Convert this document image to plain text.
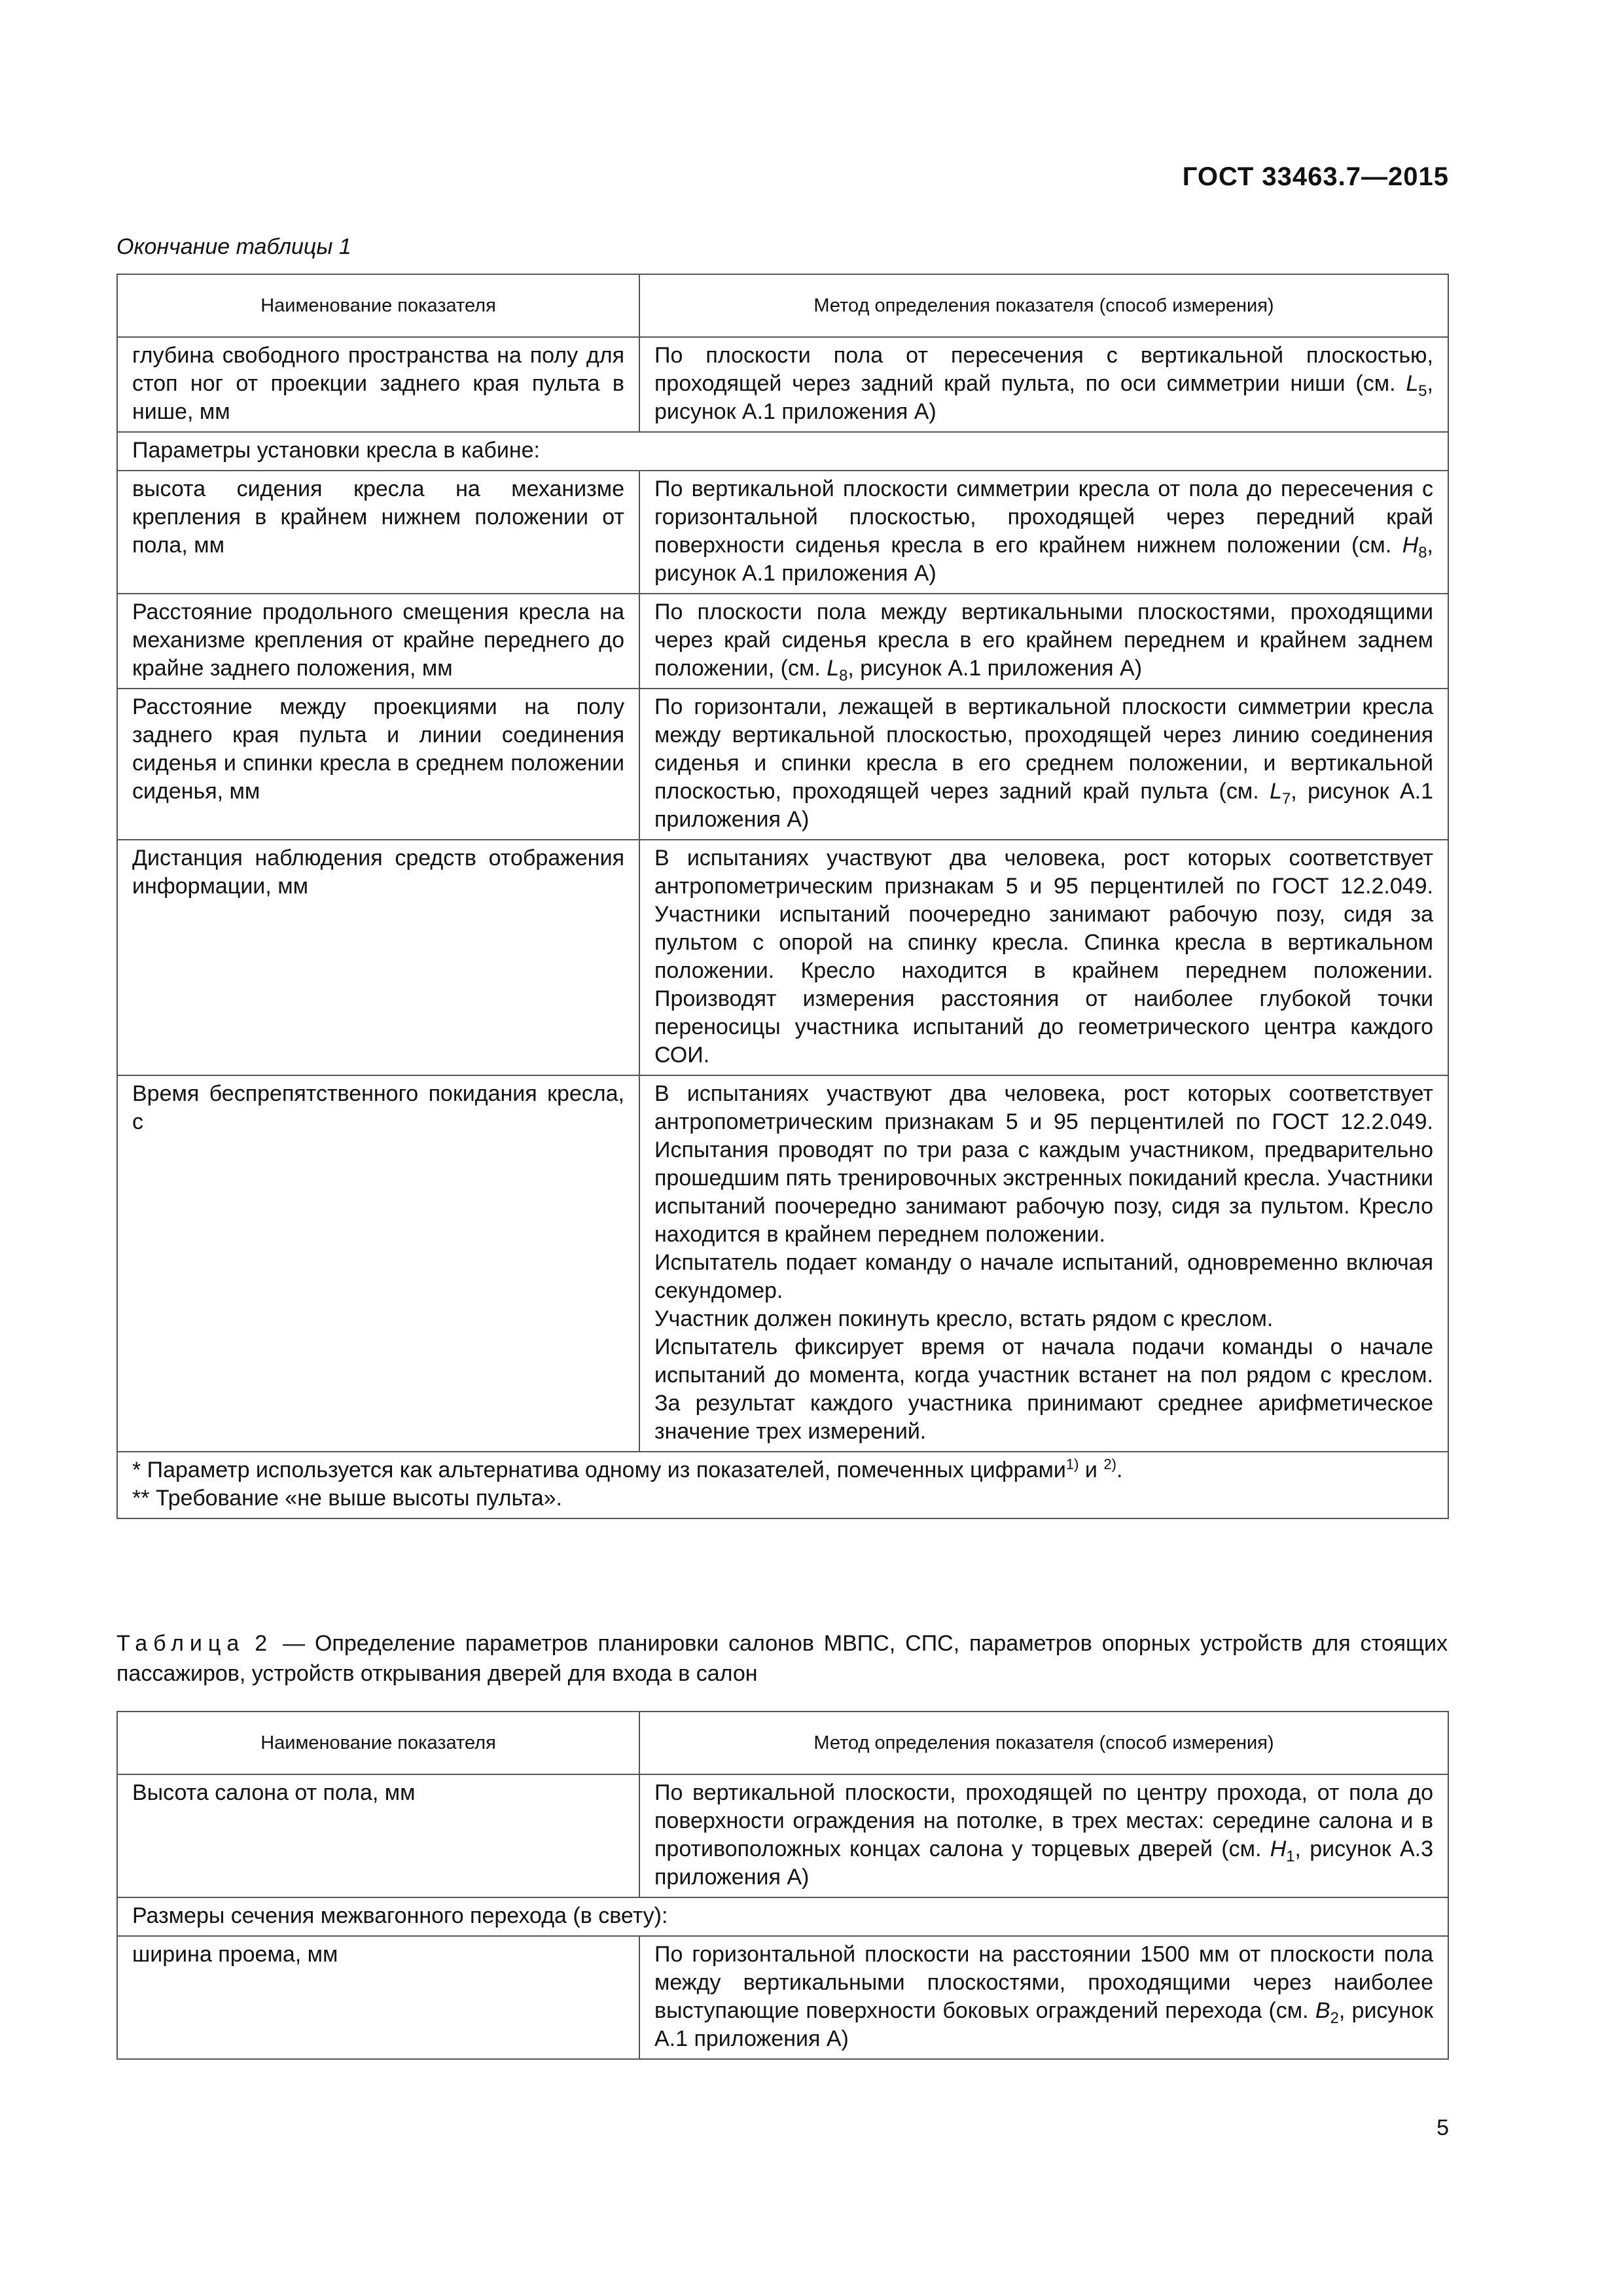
ГОСТ 33463.7—2015
Окончание таблицы 1
Наименование показателя	Метод определения показателя (способ измерения)
глубина свободного пространства на полу для стоп ног от проекции заднего края пульта в нише, мм	По плоскости пола от пересечения с вертикальной плоскостью, проходящей через задний край пульта, по оси симметрии ниши (см. $L_5$, рисунок А.1 приложения А)
Параметры установки кресла в кабине:	
высота сидения кресла на механизме крепления в крайнем нижнем положении от пола, мм	По вертикальной плоскости симметрии кресла от пола до пересечения с горизонтальной плоскостью, проходящей через передний край поверхности сиденья кресла в его крайнем нижнем положении (см. $H_8$, рисунок А.1 приложения А)
Расстояние продольного смещения кресла на механизме крепления от крайне переднего до крайне заднего положения, мм	По плоскости пола между вертикальными плоскостями, проходящими через край сиденья кресла в его крайнем переднем и крайнем заднем положении, (см. $L_8$, рисунок А.1 приложения А)
Расстояние между проекциями на полу заднего края пульта и линии соединения сиденья и спинки кресла в среднем положении сиденья, мм	По горизонтали, лежащей в вертикальной плоскости симметрии кресла между вертикальной плоскостью, проходящей через линию соединения сиденья и спинки кресла в его среднем положении, и вертикальной плоскостью, проходящей через задний край пульта (см. $L_7$, рисунок А.1 приложения А)
Дистанция наблюдения средств отображения информации, мм	В испытаниях участвуют два человека, рост которых соответствует антропометрическим признакам 5 и 95 перцентилей по ГОСТ 12.2.049. Участники испытаний поочередно занимают рабочую позу, сидя за пультом с опорой на спинку кресла. Спинка кресла в вертикальном положении. Кресло находится в крайнем переднем положении. Производят измерения расстояния от наиболее глубокой точки переносицы участника испытаний до геометрического центра каждого СОИ.
Время беспрепятственного покидания кресла, с	В испытаниях участвуют два человека, рост которых соответствует антропометрическим признакам 5 и 95 перцентилей по ГОСТ 12.2.049. Испытания проводят по три раза с каждым участником, предварительно прошедшим пять тренировочных экстренных покиданий кресла. Участники испытаний поочередно занимают рабочую позу, сидя за пультом. Кресло находится в крайнем переднем положении.
Испытатель подает команду о начале испытаний, одновременно включая секундомер.
Участник должен покинуть кресло, встать рядом с креслом.
Испытатель фиксирует время от начала подачи команды о начале испытаний до момента, когда участник встанет на пол рядом с креслом. За результат каждого участника принимают среднее арифметическое значение трех измерений.

* Параметр используется как альтернатива одному из показателей, помеченных цифрами$^{1)}$ и $^{2)}$.
** Требование «не выше высоты пульта».	
Таблица 2 — Определение параметров планировки салонов МВПС, СПС, параметров опорных устройств для стоящих пассажиров, устройств открывания дверей для входа в салон
Наименование показателя	Метод определения показателя (способ измерения)
Высота салона от пола, мм	По вертикальной плоскости, проходящей по центру прохода, от пола до поверхности ограждения на потолке, в трех местах: середине салона и в противоположных концах салона у торцевых дверей (см. $H_1$, рисунок А.3 приложения А)
Размеры сечения межвагонного перехода (в свету):	
ширина проема, мм	По горизонтальной плоскости на расстоянии 1500 мм от плоскости пола между вертикальными плоскостями, проходящими через наиболее выступающие поверхности боковых ограждений перехода (см. $B_2$, рисунок А.1 приложения А)
5
